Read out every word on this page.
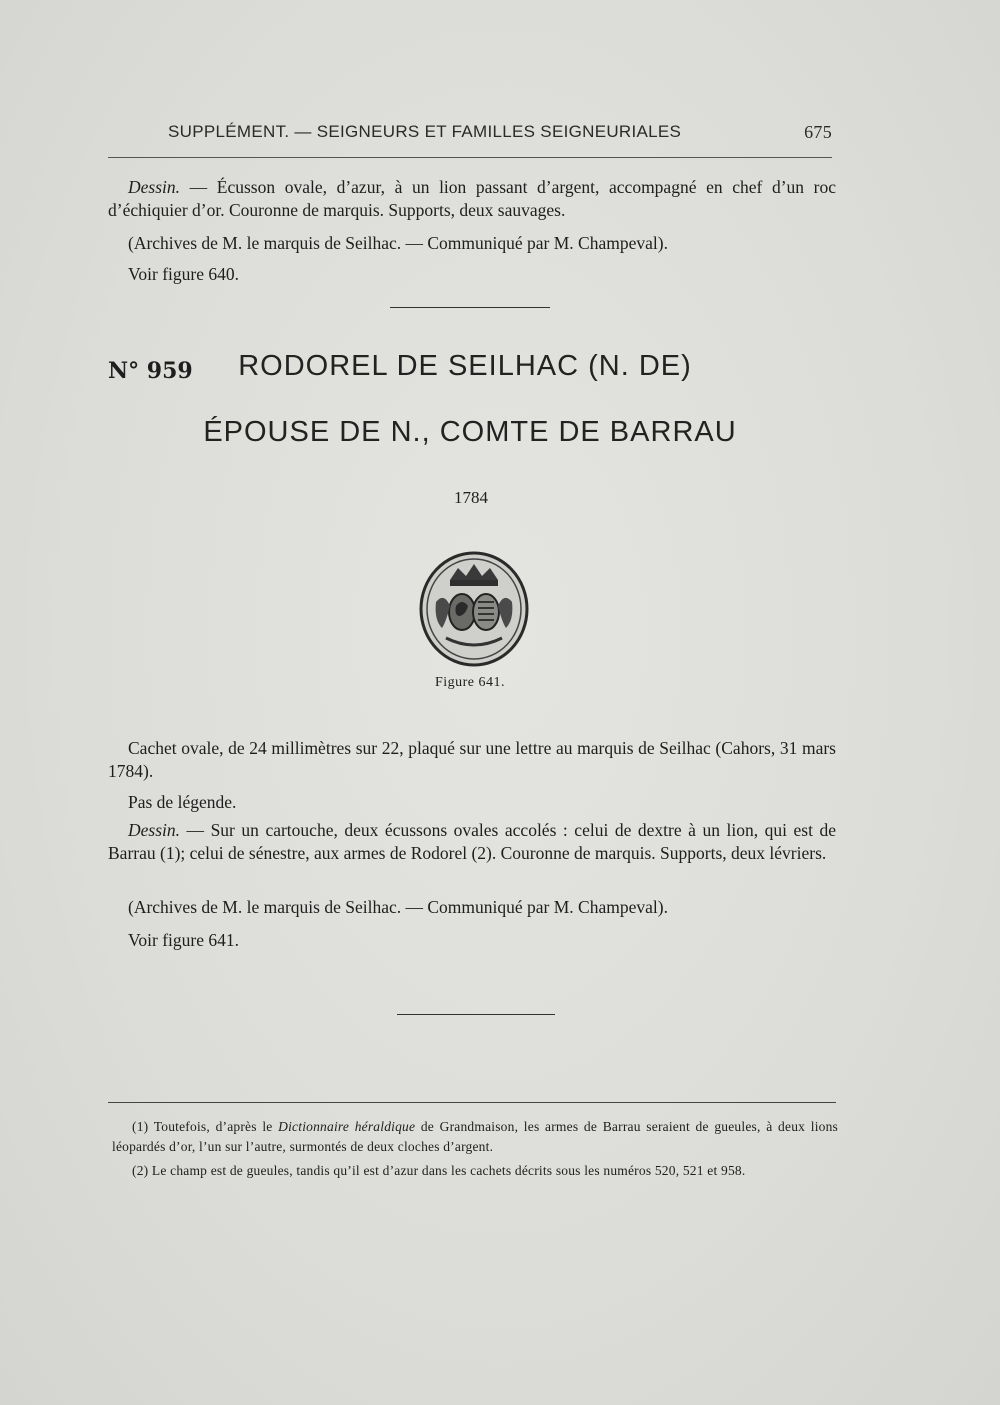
SUPPLÉMENT. — SEIGNEURS ET FAMILLES SEIGNEURIALES	675
Dessin. — Écusson ovale, d’azur, à un lion passant d’argent, accompagné en chef d’un roc d’échiquier d’or. Couronne de marquis. Supports, deux sauvages.
(Archives de M. le marquis de Seilhac. — Communiqué par M. Champeval).
Voir figure 640.
N° 959	RODOREL DE SEILHAC (N. DE)
ÉPOUSE DE N., COMTE DE BARRAU
1784
Figure 641.
Cachet ovale, de 24 millimètres sur 22, plaqué sur une lettre au marquis de Seilhac (Cahors, 31 mars 1784).
Pas de légende.
Dessin. — Sur un cartouche, deux écussons ovales accolés : celui de dextre à un lion, qui est de Barrau (1); celui de sénestre, aux armes de Rodorel (2). Couronne de marquis. Supports, deux lévriers.
(Archives de M. le marquis de Seilhac. — Communiqué par M. Champeval).
Voir figure 641.
(1) Toutefois, d’après le Dictionnaire héraldique de Grandmaison, les armes de Barrau seraient de gueules, à deux lions léopardés d’or, l’un sur l’autre, surmontés de deux cloches d’argent.
(2) Le champ est de gueules, tandis qu’il est d’azur dans les cachets décrits sous les numéros 520, 521 et 958.
